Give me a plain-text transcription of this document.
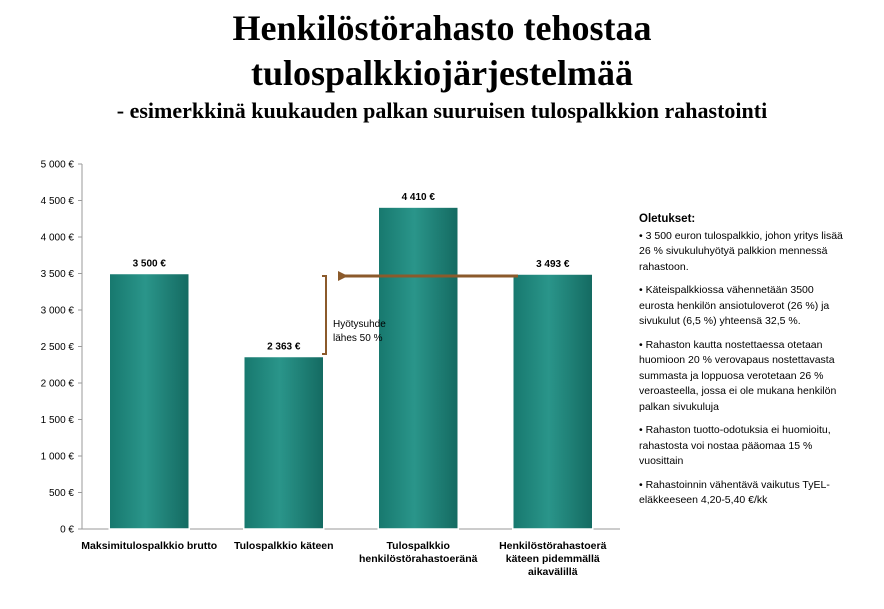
Henkilöstörahasto tehostaa
tulospalkkiojärjestelmää
- esimerkkinä kuukauden palkan suuruisen tulospalkkion rahastointi
0 €
500 €
1 000 €
1 500 €
2 000 €
2 500 €
3 000 €
3 500 €
4 000 €
4 500 €
5 000 €
3 500 €
Maksimitulospalkkio brutto
2 363 €
Tulospalkkio käteen
4 410 €
Tulospalkkio
henkilöstörahastoeränä
3 493 €
Henkilöstörahastoerä
käteen pidemmällä
aikavälillä
Hyötysuhde
lähes 50 %
Oletukset:
• 3 500 euron tulospalkkio, johon yritys lisää 26 % sivukuluhyötyä palkkion mennessä rahastoon.
• Käteispalkkiossa vähennetään 3500 eurosta henkilön ansiotuloverot (26 %) ja sivukulut (6,5 %) yhteensä 32,5 %.
• Rahaston kautta nostettaessa otetaan huomioon 20 % verovapaus nostettavasta summasta ja loppuosa verotetaan 26 % veroasteella, jossa ei ole mukana henkilön palkan sivukuluja
• Rahaston tuotto-odotuksia ei huomioitu, rahastosta voi nostaa pääomaa 15 % vuosittain
• Rahastoinnin vähentävä vaikutus TyEL-eläkkeeseen 4,20-5,40 €/kk
